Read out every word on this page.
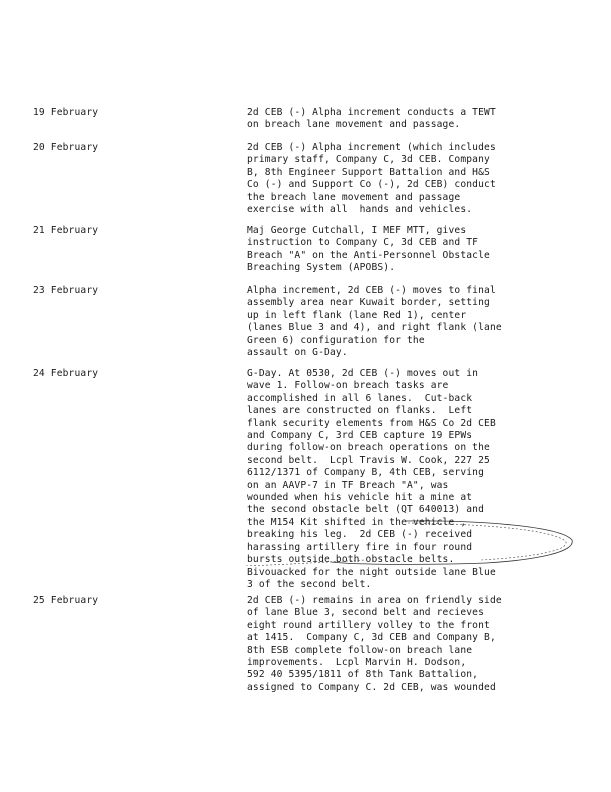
19 February	2d CEB (-) Alpha increment conducts a TEWT
on breach lane movement and passage.
20 February	2d CEB (-) Alpha increment (which includes
primary staff, Company C, 3d CEB. Company
B, 8th Engineer Support Battalion and H&S
Co (-) and Support Co (-), 2d CEB) conduct
the breach lane movement and passage
exercise with all  hands and vehicles.
21 February	Maj George Cutchall, I MEF MTT, gives
instruction to Company C, 3d CEB and TF
Breach "A" on the Anti-Personnel Obstacle
Breaching System (APOBS).
23 February	Alpha increment, 2d CEB (-) moves to final
assembly area near Kuwait border, setting
up in left flank (lane Red 1), center
(lanes Blue 3 and 4), and right flank (lane
Green 6) configuration for the
assault on G-Day.
24 February	G-Day. At 0530, 2d CEB (-) moves out in
wave 1. Follow-on breach tasks are
accomplished in all 6 lanes.  Cut-back
lanes are constructed on flanks.  Left
flank security elements from H&S Co 2d CEB
and Company C, 3rd CEB capture 19 EPWs
during follow-on breach operations on the
second belt.  Lcpl Travis W. Cook, 227 25
6112/1371 of Company B, 4th CEB, serving
on an AAVP-7 in TF Breach "A", was
wounded when his vehicle hit a mine at
the second obstacle belt (QT 640013) and
the M154 Kit shifted in the vehicle ,
breaking his leg.  2d CEB (-) received
harassing artillery fire in four round
bursts outside both obstacle belts.
Bivouacked for the night outside lane Blue
3 of the second belt.
25 February	2d CEB (-) remains in area on friendly side
of lane Blue 3, second belt and recieves
eight round artillery volley to the front
at 1415.  Company C, 3d CEB and Company B,
8th ESB complete follow-on breach lane
improvements.  Lcpl Marvin H. Dodson,
592 40 5395/1811 of 8th Tank Battalion,
assigned to Company C. 2d CEB, was wounded
